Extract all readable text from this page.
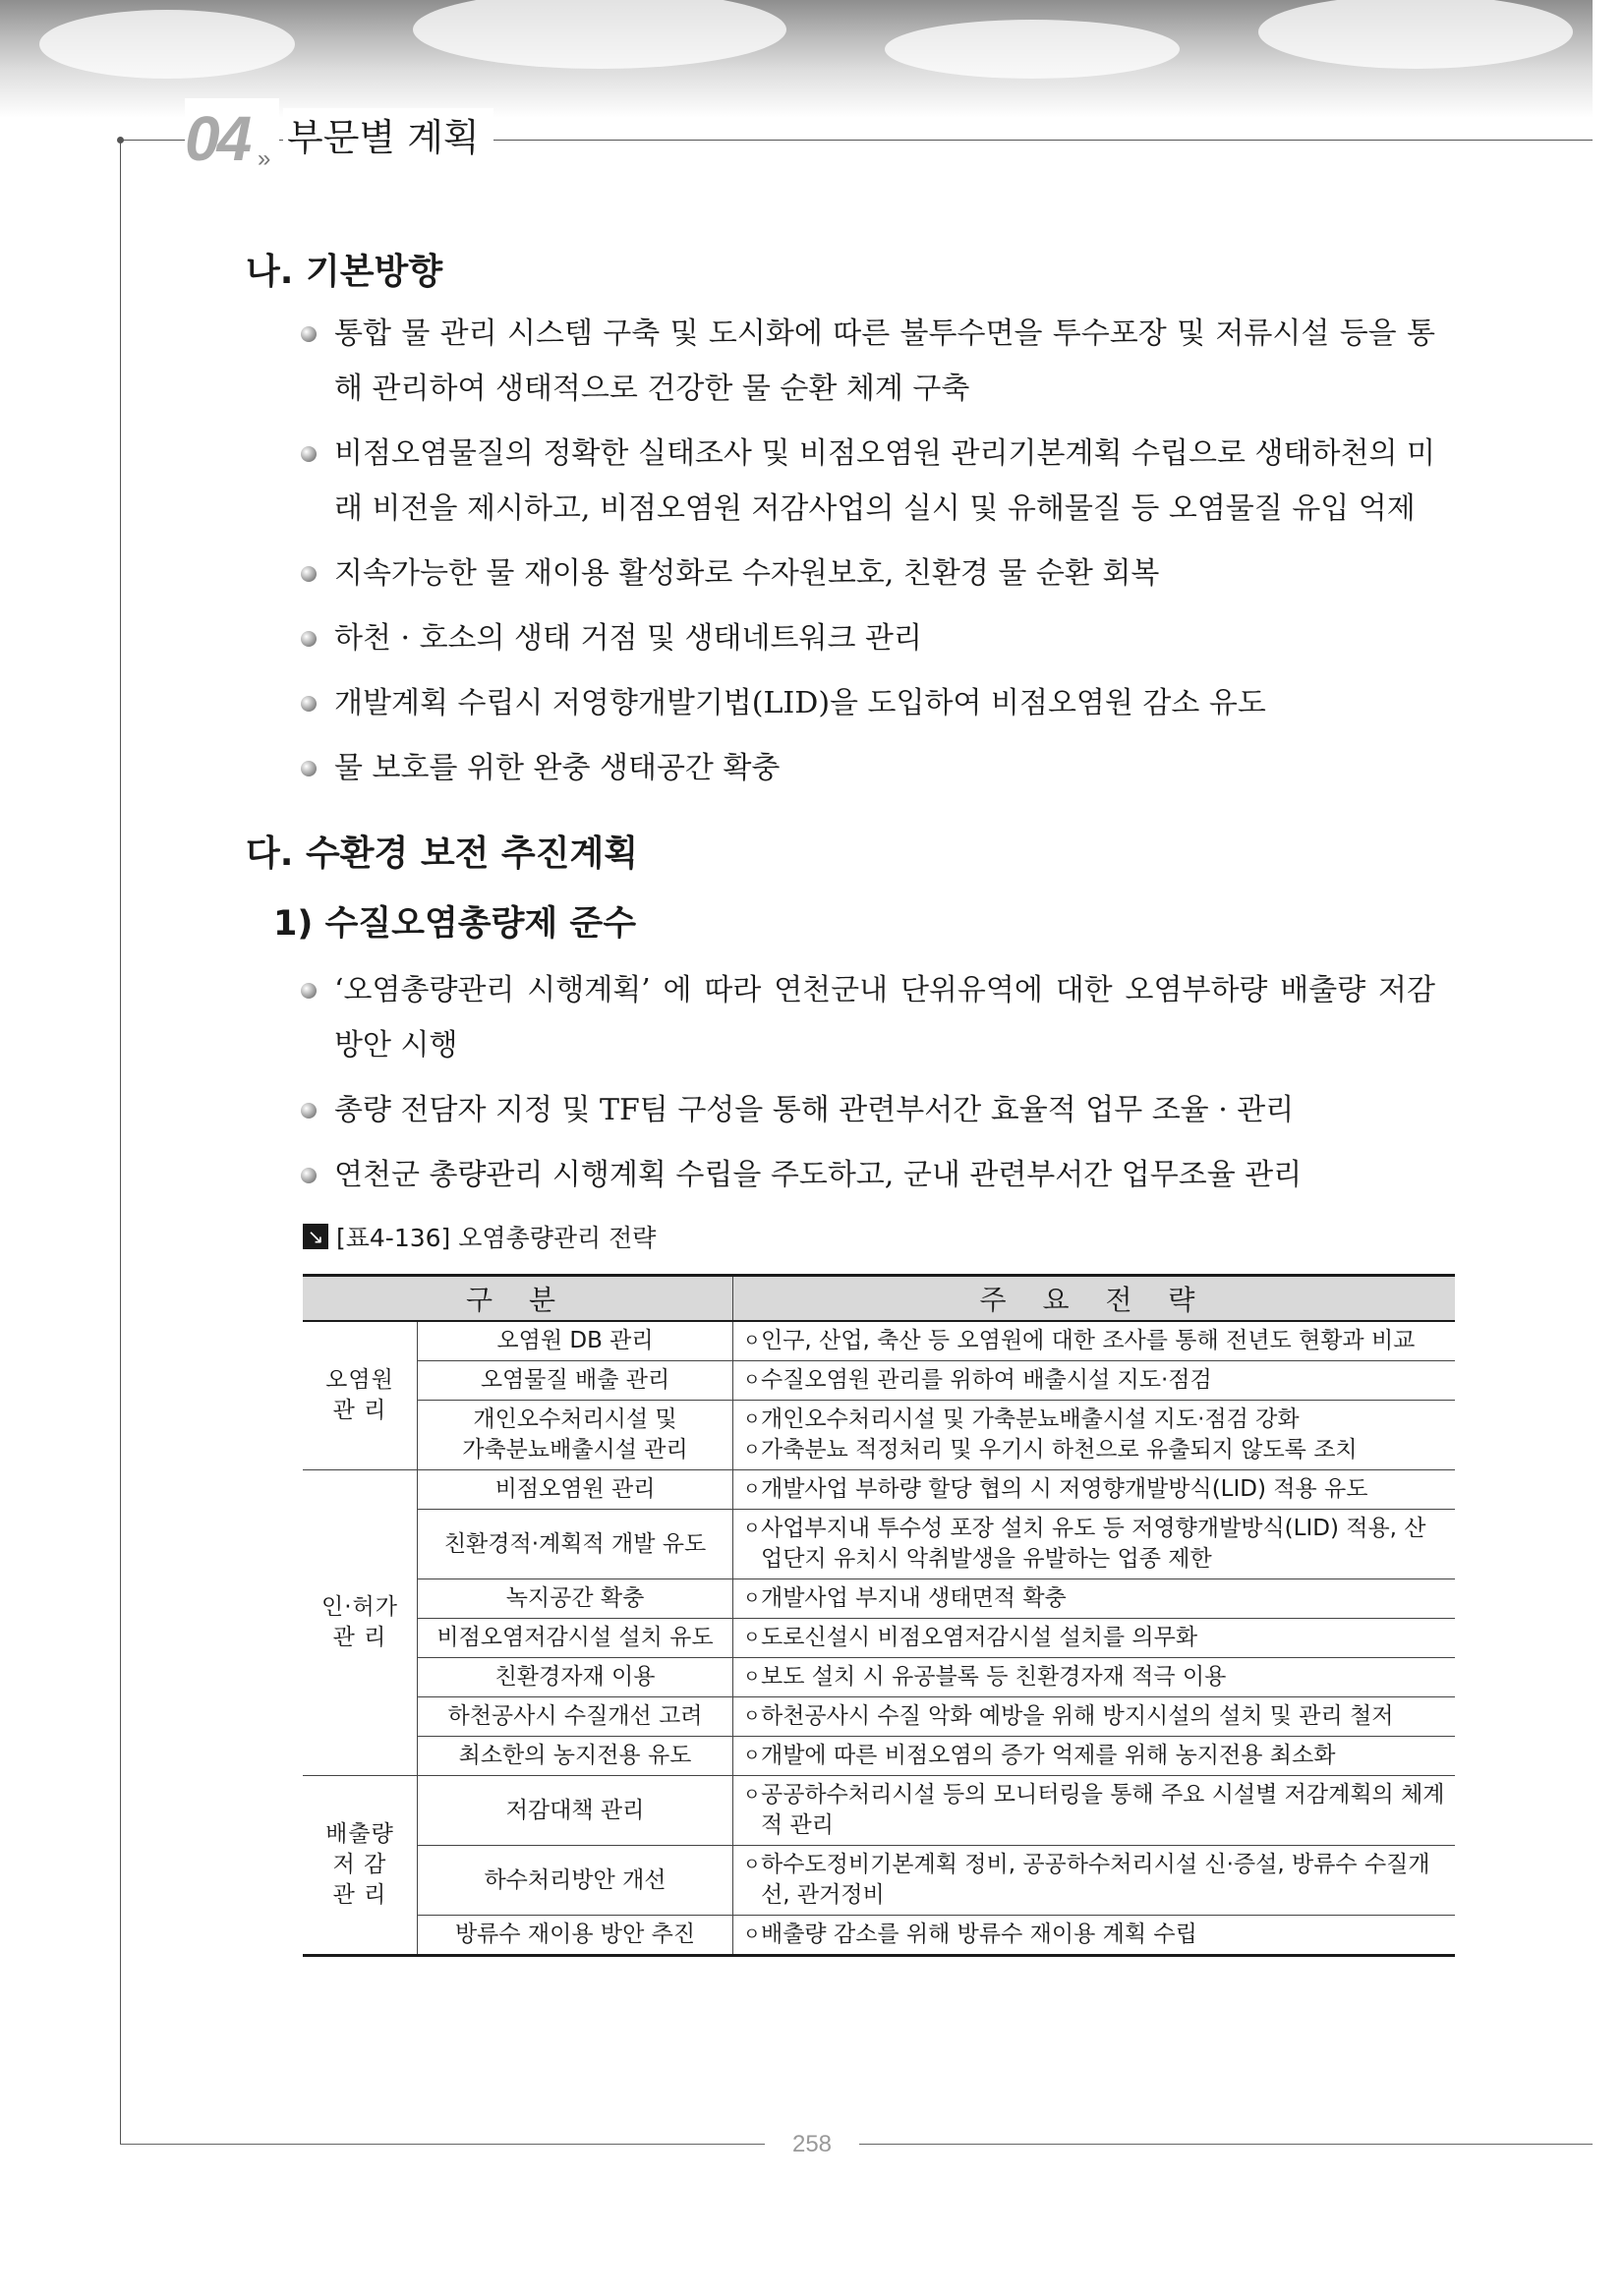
04 » 부문별 계획
나. 기본방향
통합 물 관리 시스템 구축 및 도시화에 따른 불투수면을 투수포장 및 저류시설 등을 통해 관리하여 생태적으로 건강한 물 순환 체계 구축
비점오염물질의 정확한 실태조사 및 비점오염원 관리기본계획 수립으로 생태하천의 미래 비전을 제시하고, 비점오염원 저감사업의 실시 및 유해물질 등 오염물질 유입 억제
지속가능한 물 재이용 활성화로 수자원보호, 친환경 물 순환 회복
하천 · 호소의 생태 거점 및 생태네트워크 관리
개발계획 수립시 저영향개발기법(LID)을 도입하여 비점오염원 감소 유도
물 보호를 위한 완충 생태공간 확충
다. 수환경 보전 추진계획
1) 수질오염총량제 준수
‘오염총량관리 시행계획’ 에 따라 연천군내 단위유역에 대한 오염부하량 배출량 저감 방안 시행
총량 전담자 지정 및 TF팀 구성을 통해 관련부서간 효율적 업무 조율 · 관리
연천군 총량관리 시행계획 수립을 주도하고, 군내 관련부서간 업무조율 관리
↘ [표4-136] 오염총량관리 전략
구 분		주 요 전 략
오염원
관 리	오염원 DB 관리	ㅇ 인구, 산업, 축산 등 오염원에 대한 조사를 통해 전년도 현황과 비교

	오염물질 배출 관리	ㅇ 수질오염원 관리를 위하여 배출시설 지도·점검

	개인오수처리시설 및
가축분뇨배출시설 관리	ㅇ 개인오수처리시설 및 가축분뇨배출시설 지도·점검 강화
ㅇ 가축분뇨 적정처리 및 우기시 하천으로 유출되지 않도록 조치

인·허가
관 리	비점오염원 관리	ㅇ 개발사업 부하량 할당 협의 시 저영향개발방식(LID) 적용 유도

	친환경적·계획적 개발 유도	ㅇ 사업부지내 투수성 포장 설치 유도 등 저영향개발방식(LID) 적용, 산업단지 유치시 악취발생을 유발하는 업종 제한

	녹지공간 확충	ㅇ 개발사업 부지내 생태면적 확충

	비점오염저감시설 설치 유도	ㅇ 도로신설시 비점오염저감시설 설치를 의무화

	친환경자재 이용	ㅇ 보도 설치 시 유공블록 등 친환경자재 적극 이용

	하천공사시 수질개선 고려	ㅇ 하천공사시 수질 악화 예방을 위해 방지시설의 설치 및 관리 철저

	최소한의 농지전용 유도	ㅇ 개발에 따른 비점오염의 증가 억제를 위해 농지전용 최소화

배출량
저 감
관 리	저감대책 관리	ㅇ 공공하수처리시설 등의 모니터링을 통해 주요 시설별 저감계획의 체계적 관리

	하수처리방안 개선	ㅇ 하수도정비기본계획 정비, 공공하수처리시설 신·증설, 방류수 수질개선, 관거정비

	방류수 재이용 방안 추진	ㅇ 배출량 감소를 위해 방류수 재이용 계획 수립
258
